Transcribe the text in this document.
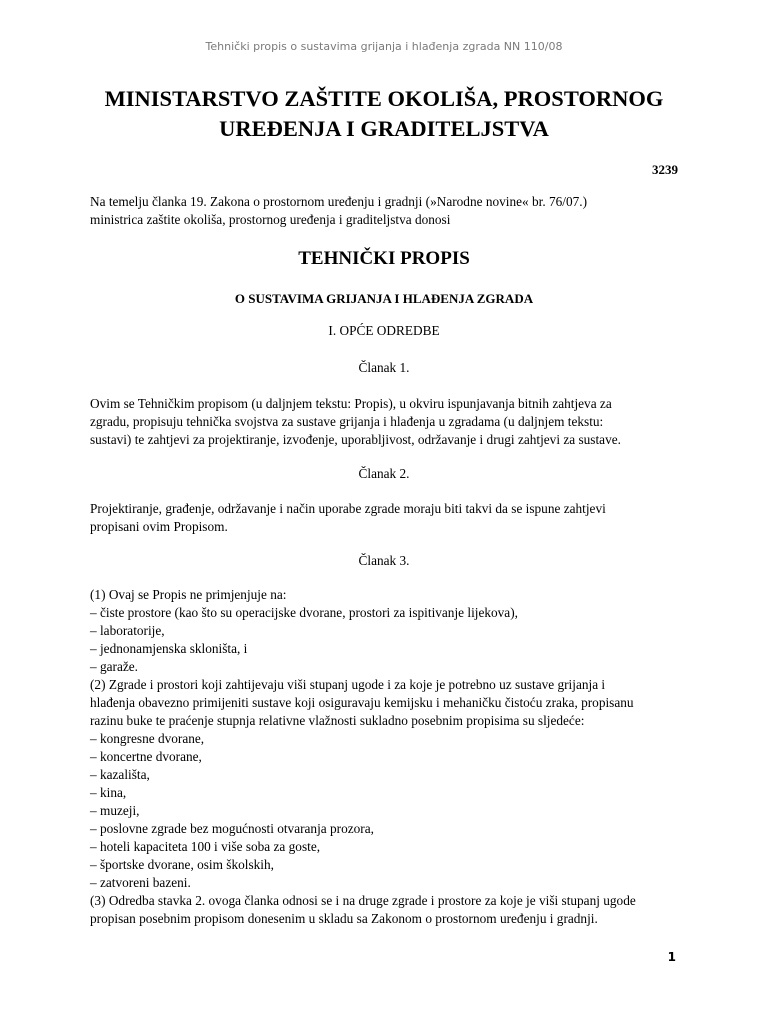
Tehnički propis o sustavima grijanja i hlađenja zgrada NN 110/08
MINISTARSTVO ZAŠTITE OKOLIŠA, PROSTORNOG
UREĐENJA I GRADITELJSTVA
3239

Na temelju članka 19. Zakona o prostornom uređenju i gradnji (»Narodne novine« br. 76/07.)
ministrica zaštite okoliša, prostornog uređenja i graditeljstva donosi

TEHNIČKI PROPIS
O SUSTAVIMA GRIJANJA I HLAĐENJA ZGRADA

I. OPĆE ODREDBE

Članak 1.

Ovim se Tehničkim propisom (u daljnjem tekstu: Propis), u okviru ispunjavanja bitnih zahtjeva za
zgradu, propisuju tehnička svojstva za sustave grijanja i hlađenja u zgradama (u daljnjem tekstu:
sustavi) te zahtjevi za projektiranje, izvođenje, uporabljivost, održavanje i drugi zahtjevi za sustave.

Članak 2.

Projektiranje, građenje, održavanje i način uporabe zgrade moraju biti takvi da se ispune zahtjevi
propisani ovim Propisom.

Članak 3.

(1) Ovaj se Propis ne primjenjuje na:
– čiste prostore (kao što su operacijske dvorane, prostori za ispitivanje lijekova),
– laboratorije,
– jednonamjenska skloništa, i
– garaže.
(2) Zgrade i prostori koji zahtijevaju viši stupanj ugode i za koje je potrebno uz sustave grijanja i
hlađenja obavezno primijeniti sustave koji osiguravaju kemijsku i mehaničku čistoću zraka, propisanu
razinu buke te praćenje stupnja relativne vlažnosti sukladno posebnim propisima su sljedeće:
– kongresne dvorane,
– koncertne dvorane,
– kazališta,
– kina,
– muzeji,
– poslovne zgrade bez mogućnosti otvaranja prozora,
– hoteli kapaciteta 100 i više soba za goste,
– športske dvorane, osim školskih,
– zatvoreni bazeni.
(3) Odredba stavka 2. ovoga članka odnosi se i na druge zgrade i prostore za koje je viši stupanj ugode
propisan posebnim propisom donesenim u skladu sa Zakonom o prostornom uređenju i gradnji.

1
